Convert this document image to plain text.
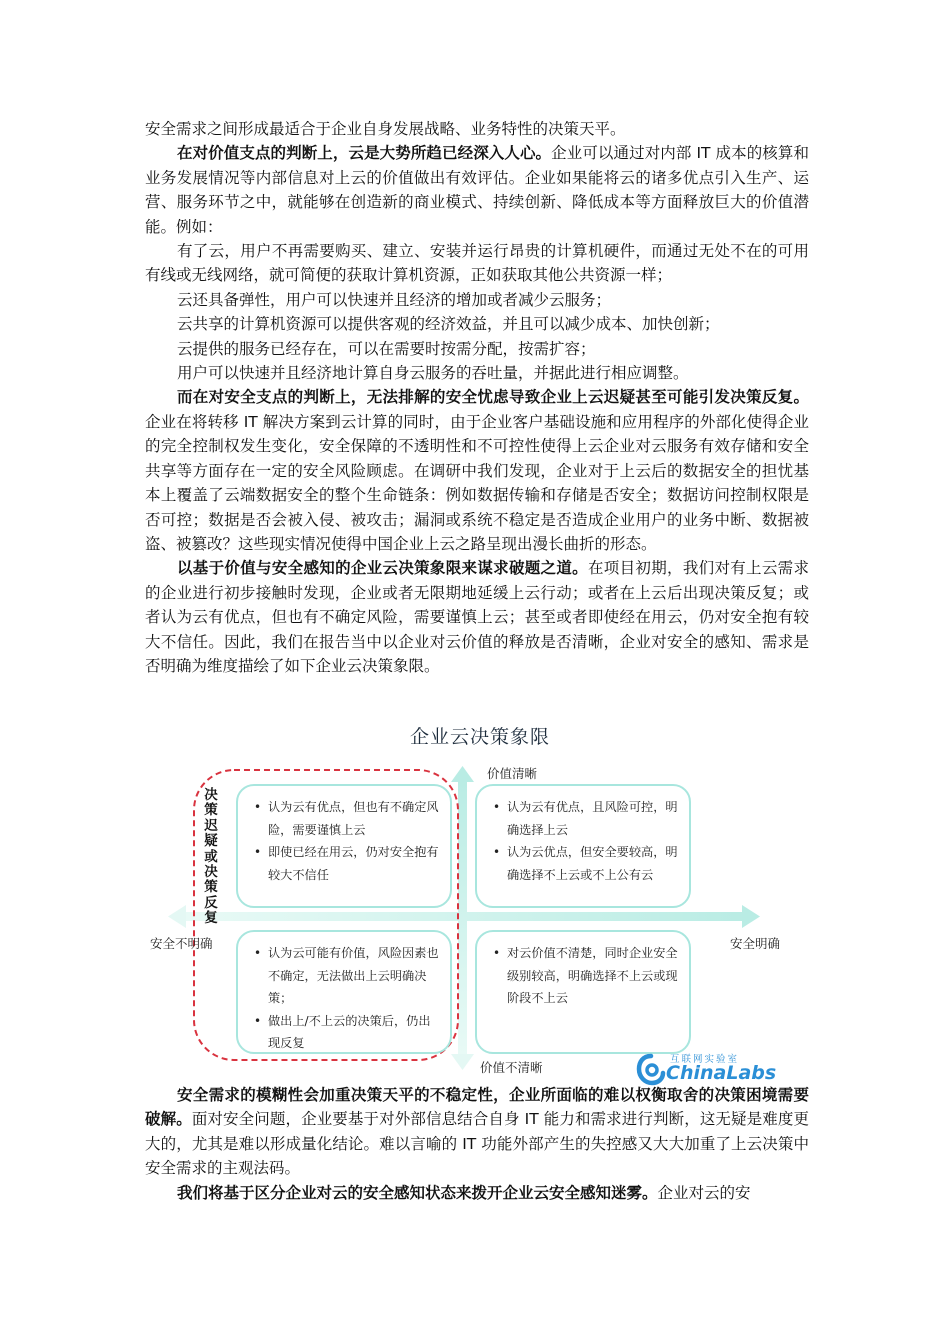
安全需求之间形成最适合于企业自身发展战略、业务特性的决策天平。

在对价值支点的判断上，云是大势所趋已经深入人心。企业可以通过对内部 IT 成本的核算和业务发展情况等内部信息对上云的价值做出有效评估。企业如果能将云的诸多优点引入生产、运营、服务环节之中，就能够在创造新的商业模式、持续创新、降低成本等方面释放巨大的价值潜能。例如：

有了云，用户不再需要购买、建立、安装并运行昂贵的计算机硬件，而通过无处不在的可用有线或无线网络，就可简便的获取计算机资源，正如获取其他公共资源一样；

云还具备弹性，用户可以快速并且经济的增加或者减少云服务；

云共享的计算机资源可以提供客观的经济效益，并且可以减少成本、加快创新；

云提供的服务已经存在，可以在需要时按需分配，按需扩容；

用户可以快速并且经济地计算自身云服务的吞吐量，并据此进行相应调整。

而在对安全支点的判断上，无法排解的安全忧虑导致企业上云迟疑甚至可能引发决策反复。企业在将转移 IT 解决方案到云计算的同时，由于企业客户基础设施和应用程序的外部化使得企业的完全控制权发生变化，安全保障的不透明性和不可控性使得上云企业对云服务有效存储和安全共享等方面存在一定的安全风险顾虑。在调研中我们发现，企业对于上云后的数据安全的担忧基本上覆盖了云端数据安全的整个生命链条：例如数据传输和存储是否安全；数据访问控制权限是否可控；数据是否会被入侵、被攻击；漏洞或系统不稳定是否造成企业用户的业务中断、数据被盗、被篡改？这些现实情况使得中国企业上云之路呈现出漫长曲折的形态。

以基于价值与安全感知的企业云决策象限来谋求破题之道。在项目初期，我们对有上云需求的企业进行初步接触时发现，企业或者无限期地延缓上云行动；或者在上云后出现决策反复；或者认为云有优点，但也有不确定风险，需要谨慎上云；甚至或者即使经在用云，仍对安全抱有较大不信任。因此，我们在报告当中以企业对云价值的释放是否清晰，企业对安全的感知、需求是否明确为维度描绘了如下企业云决策象限。

企业云决策象限
价值清晰
价值不清晰
安全不明确	安全明确
决策迟疑或决策反复
• 认为云有优点，但也有不确定风险，需要谨慎上云
• 即使已经在用云，仍对安全抱有较大不信任
• 认为云有优点，且风险可控，明确选择上云
• 认为云优点，但安全要较高，明确选择不上云或不上公有云
• 认为云可能有价值，风险因素也不确定，无法做出上云明确决策；
• 做出上/不上云的决策后，仍出现反复
• 对云价值不清楚，同时企业安全级别较高，明确选择不上云或现阶段不上云
互联网实验室
ChinaLabs

安全需求的模糊性会加重决策天平的不稳定性，企业所面临的难以权衡取舍的决策困境需要破解。面对安全问题，企业要基于对外部信息结合自身 IT 能力和需求进行判断，这无疑是难度更大的，尤其是难以形成量化结论。难以言喻的 IT 功能外部产生的失控感又大大加重了上云决策中安全需求的主观法码。

我们将基于区分企业对云的安全感知状态来拨开企业云安全感知迷雾。企业对云的安
